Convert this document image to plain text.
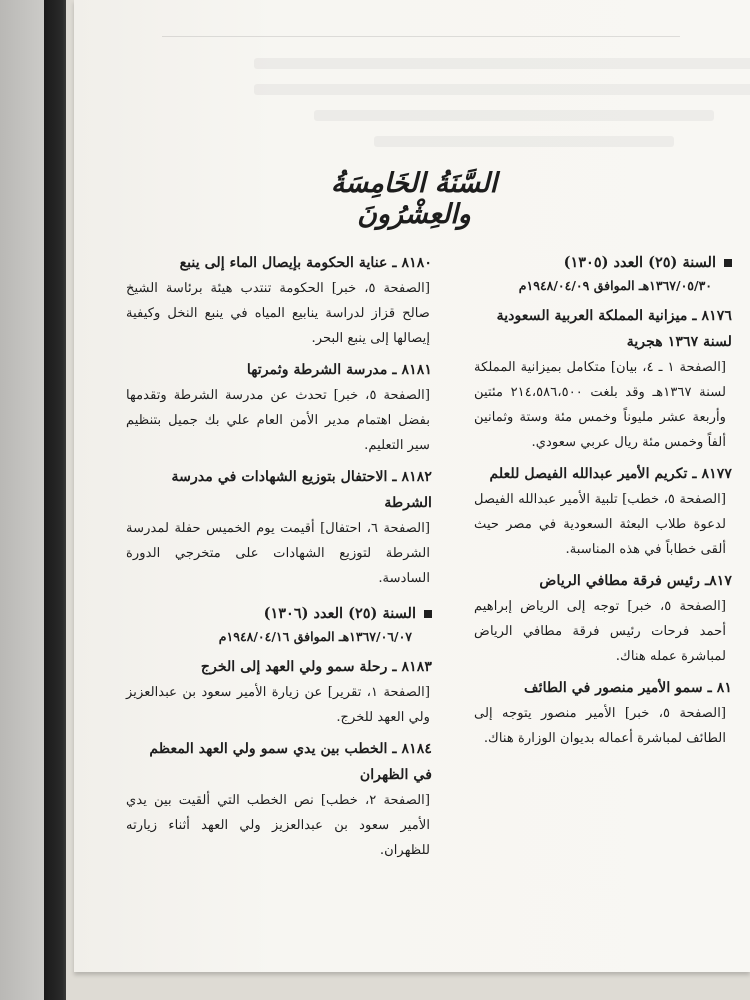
السَّنَةُ الخَامِسَةُ والعِشْرُونَ
السنة (٢٥) العدد (١٣٠٥)
١٣٦٧/٠٥/٣٠هـ الموافق ١٩٤٨/٠٤/٠٩م
٨١٧٦ ـ ميزانية المملكة العربية السعودية لسنة ١٣٦٧ هجرية
[الصفحة ١ ـ ٤، بيان] متكامل بميزانية المملكة لسنة ١٣٦٧هـ وقد بلغت ٢١٤،٥٨٦،٥٠٠ مئتين وأربعة عشر مليوناً وخمس مئة وستة وثمانين ألفاً وخمس مئة ريال عربي سعودي.
٨١٧٧ ـ تكريم الأمير عبدالله الفيصل للعلم
[الصفحة ٥، خطب] تلبية الأمير عبدالله الفيصل لدعوة طلاب البعثة السعودية في مصر حيث ألقى خطاباً في هذه المناسبة.
٨١٧ـ رئيس فرقة مطافي الرياض
[الصفحة ٥، خبر] توجه إلى الرياض إبراهيم أحمد فرحات رئيس فرقة مطافي الرياض لمباشرة عمله هناك.
٨١ ـ سمو الأمير منصور في الطائف
[الصفحة ٥، خبر] الأمير منصور يتوجه إلى الطائف لمباشرة أعماله بديوان الوزارة هناك.
٨١٨٠ ـ عناية الحكومة بإيصال الماء إلى ينبع
[الصفحة ٥، خبر] الحكومة تنتدب هيئة برئاسة الشيخ صالح قزاز لدراسة ينابيع المياه في ينبع النخل وكيفية إيصالها إلى ينبع البحر.
٨١٨١ ـ مدرسة الشرطة وثمرتها
[الصفحة ٥، خبر] تحدث عن مدرسة الشرطة وتقدمها بفضل اهتمام مدير الأمن العام علي بك جميل بتنظيم سير التعليم.
٨١٨٢ ـ الاحتفال بتوزيع الشهادات في مدرسة الشرطة
[الصفحة ٦، احتفال] أقيمت يوم الخميس حفلة لمدرسة الشرطة لتوزيع الشهادات على متخرجي الدورة السادسة.
السنة (٢٥) العدد (١٣٠٦)
١٣٦٧/٠٦/٠٧هـ الموافق ١٩٤٨/٠٤/١٦م
٨١٨٣ ـ رحلة سمو ولي العهد إلى الخرج
[الصفحة ١، تقرير] عن زيارة الأمير سعود بن عبدالعزيز ولي العهد للخرج.
٨١٨٤ ـ الخطب بين يدي سمو ولي العهد المعظم في الظهران
[الصفحة ٢، خطب] نص الخطب التي ألقيت بين يدي الأمير سعود بن عبدالعزيز ولي العهد أثناء زيارته للظهران.
